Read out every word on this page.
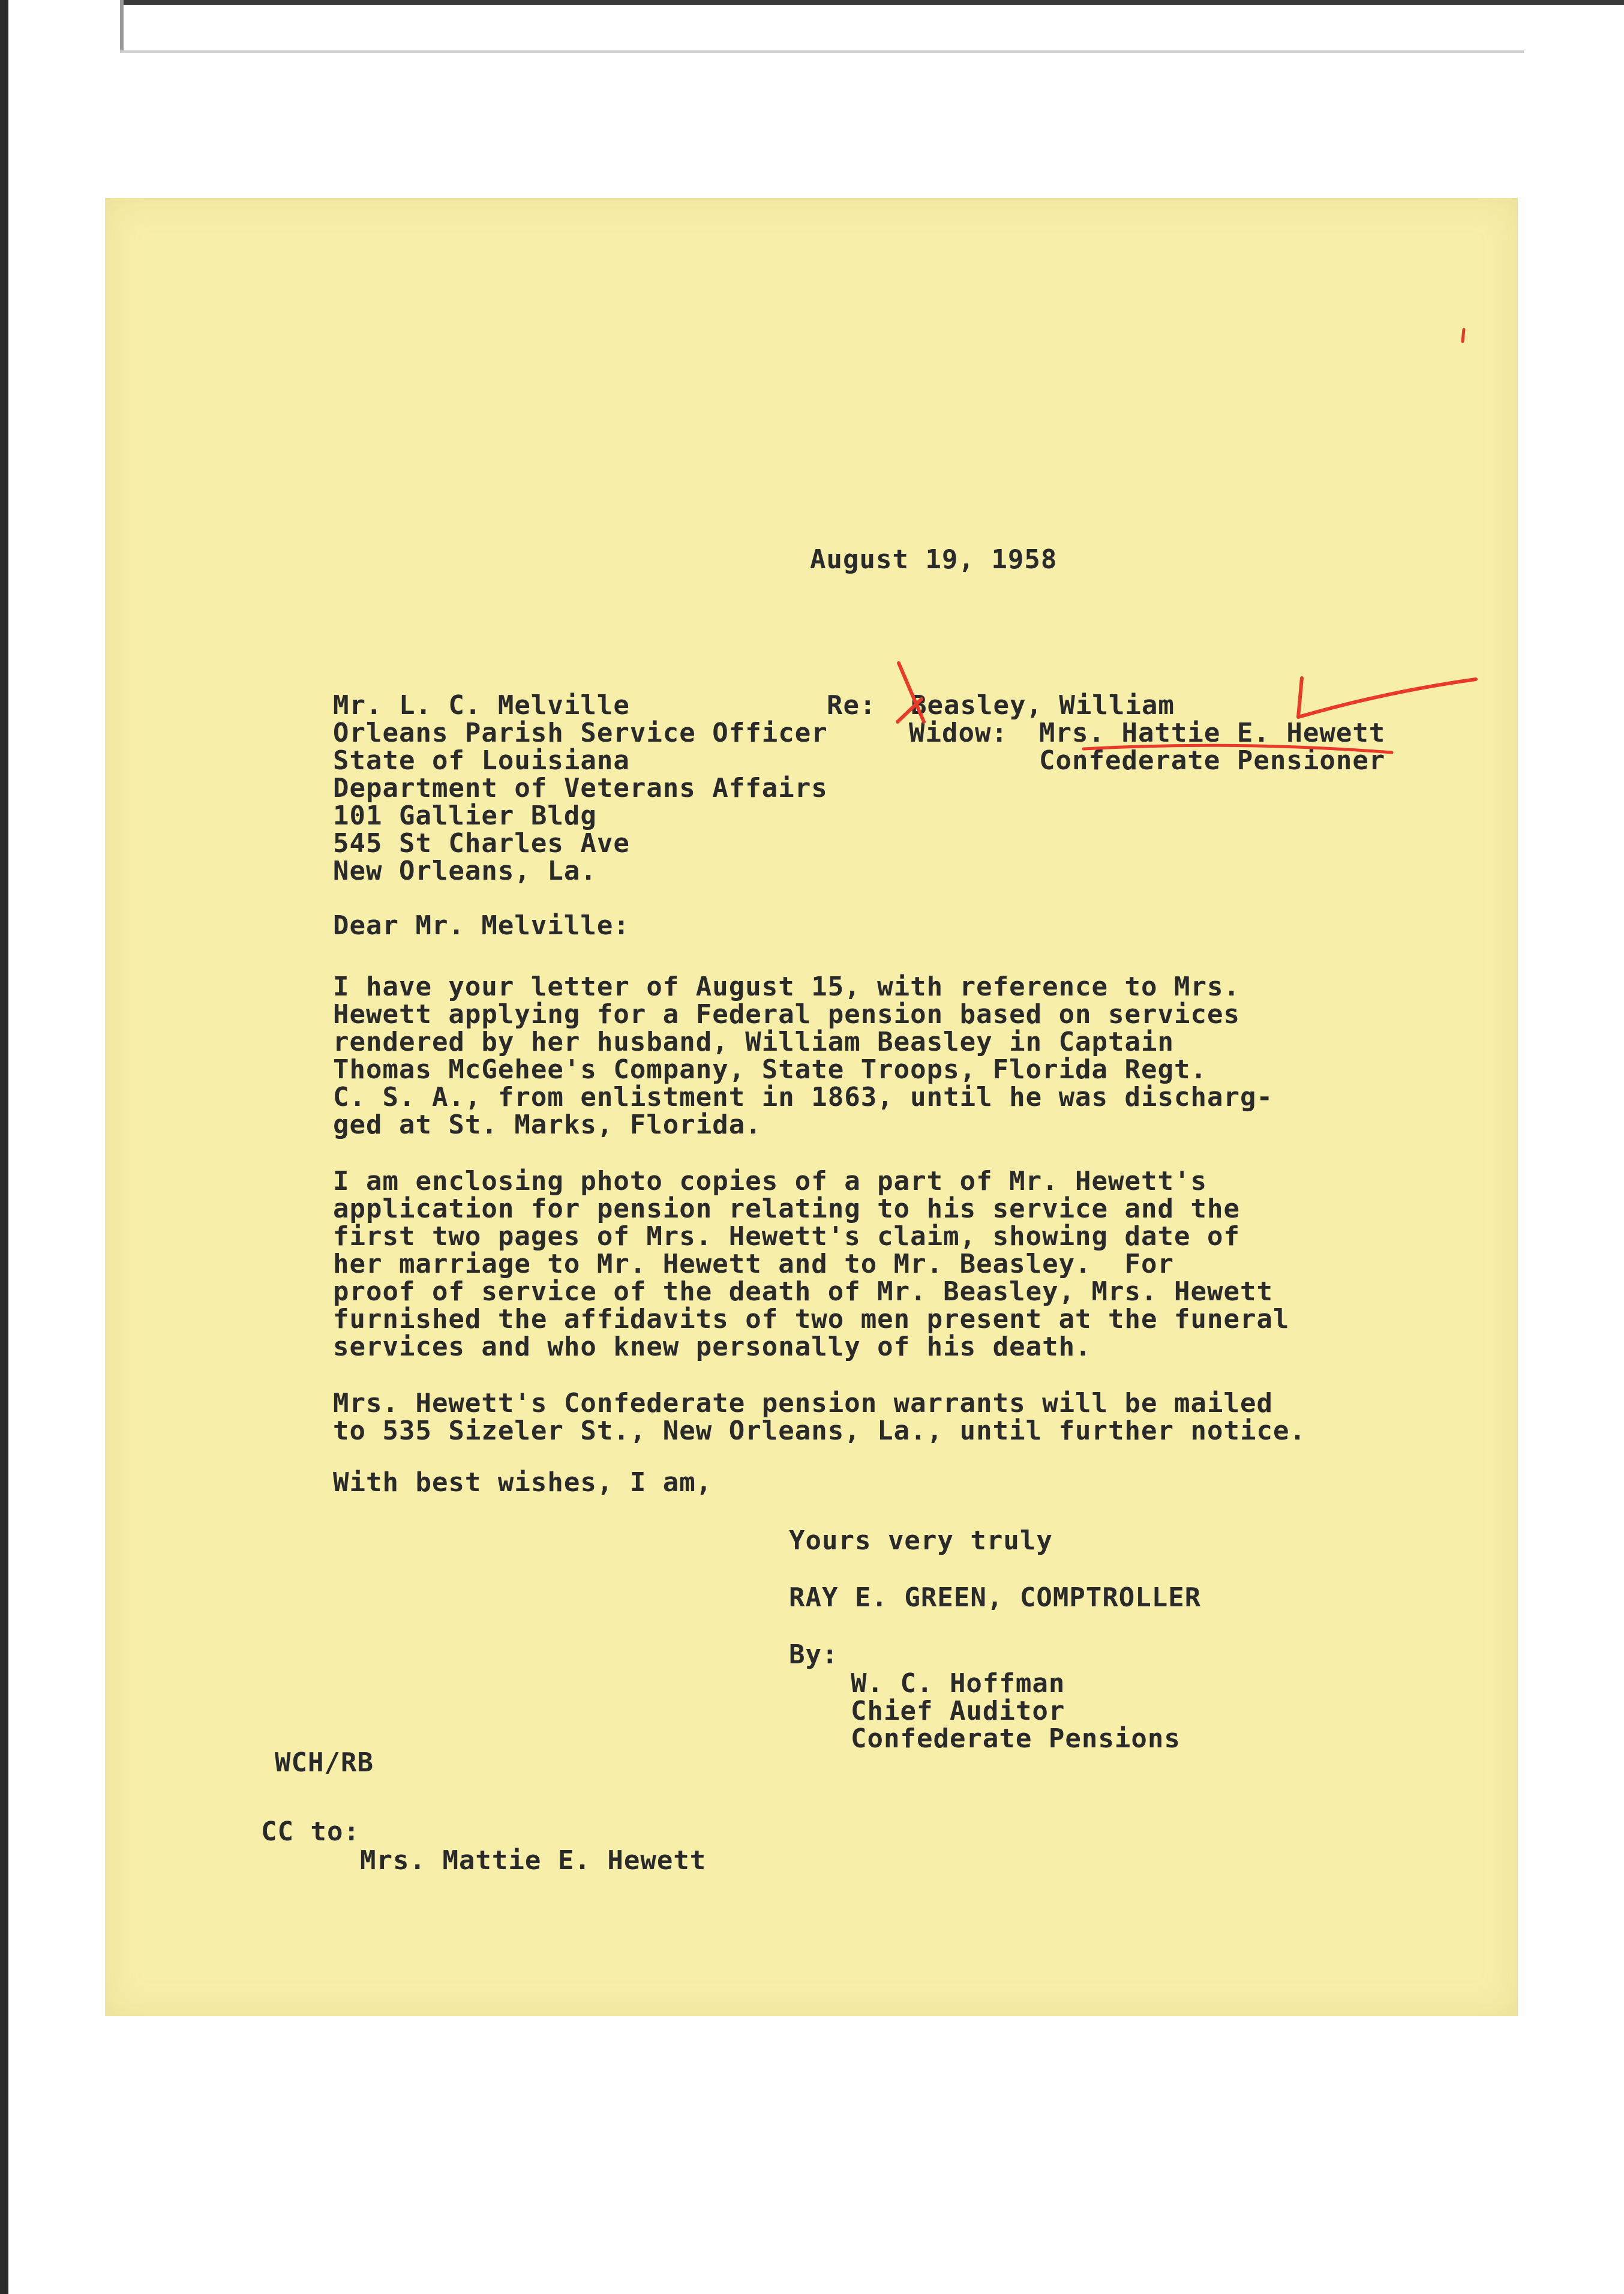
August 19, 1958
Mr. L. C. Melville
Orleans Parish Service Officer
State of Louisiana
Department of Veterans Affairs
101 Gallier Bldg
545 St Charles Ave
New Orleans, La.
Re: Beasley, William
Widow: Mrs. Hattie E. Hewett
Confederate Pensioner
Dear Mr. Melville:
I have your letter of August 15, with reference to Mrs.
Hewett applying for a Federal pension based on services
rendered by her husband, William Beasley in Captain
Thomas McGehee's Company, State Troops, Florida Regt.
C. S. A., from enlistment in 1863, until he was discharg-
ged at St. Marks, Florida.
I am enclosing photo copies of a part of Mr. Hewett's
application for pension relating to his service and the
first two pages of Mrs. Hewett's claim, showing date of
her marriage to Mr. Hewett and to Mr. Beasley.  For
proof of service of the death of Mr. Beasley, Mrs. Hewett
furnished the affidavits of two men present at the funeral
services and who knew personally of his death.
Mrs. Hewett's Confederate pension warrants will be mailed
to 535 Sizeler St., New Orleans, La., until further notice.
With best wishes, I am,
Yours very truly
RAY E. GREEN, COMPTROLLER
By:
W. C. Hoffman
Chief Auditor
Confederate Pensions
WCH/RB
CC to:
Mrs. Mattie E. Hewett
